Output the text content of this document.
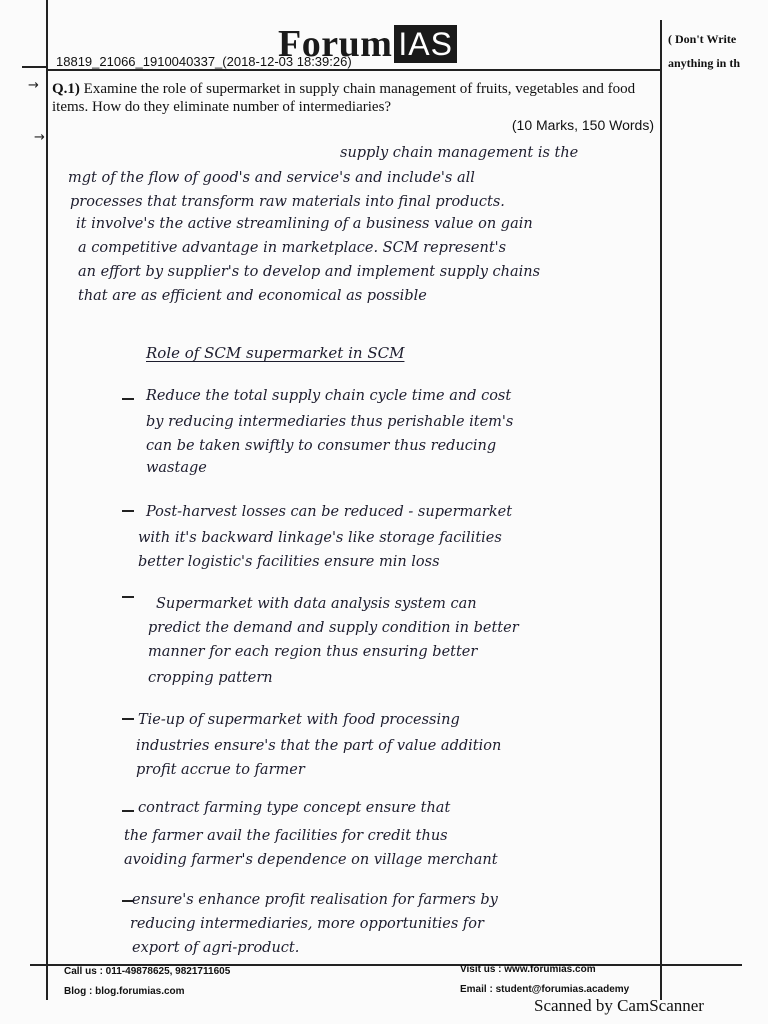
Forum IAS
18819_21066_1910040337_(2018-12-03 18:39:26)
( Don't Write
anything in th
→ Q.1) Examine the role of supermarket in supply chain management of fruits, vegetables and food items. How do they eliminate number of intermediaries?
(10 Marks, 150 Words)
→
supply chain management is the
mgt of the flow of good's and service's and include's all
processes that transform raw materials into final products.
it involve's the active streamlining of a business value on gain
a competitive advantage in marketplace. SCM represent's
an effort by supplier's to develop and implement supply chains
that are as efficient and economical as possible
Role of SCM supermarket in SCM
Reduce the total supply chain cycle time and cost
by reducing intermediaries thus perishable item's
can be taken swiftly to consumer thus reducing
wastage
Post-harvest losses can be reduced - supermarket
with it's backward linkage's like storage facilities
better logistic's facilities ensure min loss
Supermarket with data analysis system can
predict the demand and supply condition in better
manner for each region thus ensuring better
cropping pattern
Tie-up of supermarket with food processing
industries ensure's that the part of value addition
profit accrue to farmer
contract farming type concept ensure that
the farmer avail the facilities for credit thus
avoiding farmer's dependence on village merchant
ensure's enhance profit realisation for farmers by
reducing intermediaries, more opportunities for
export of agri-product.
Call us : 011-49878625, 9821711605
Blog : blog.forumias.com
Visit us : www.forumias.com
Email : student@forumias.academy
Scanned by CamScanner
